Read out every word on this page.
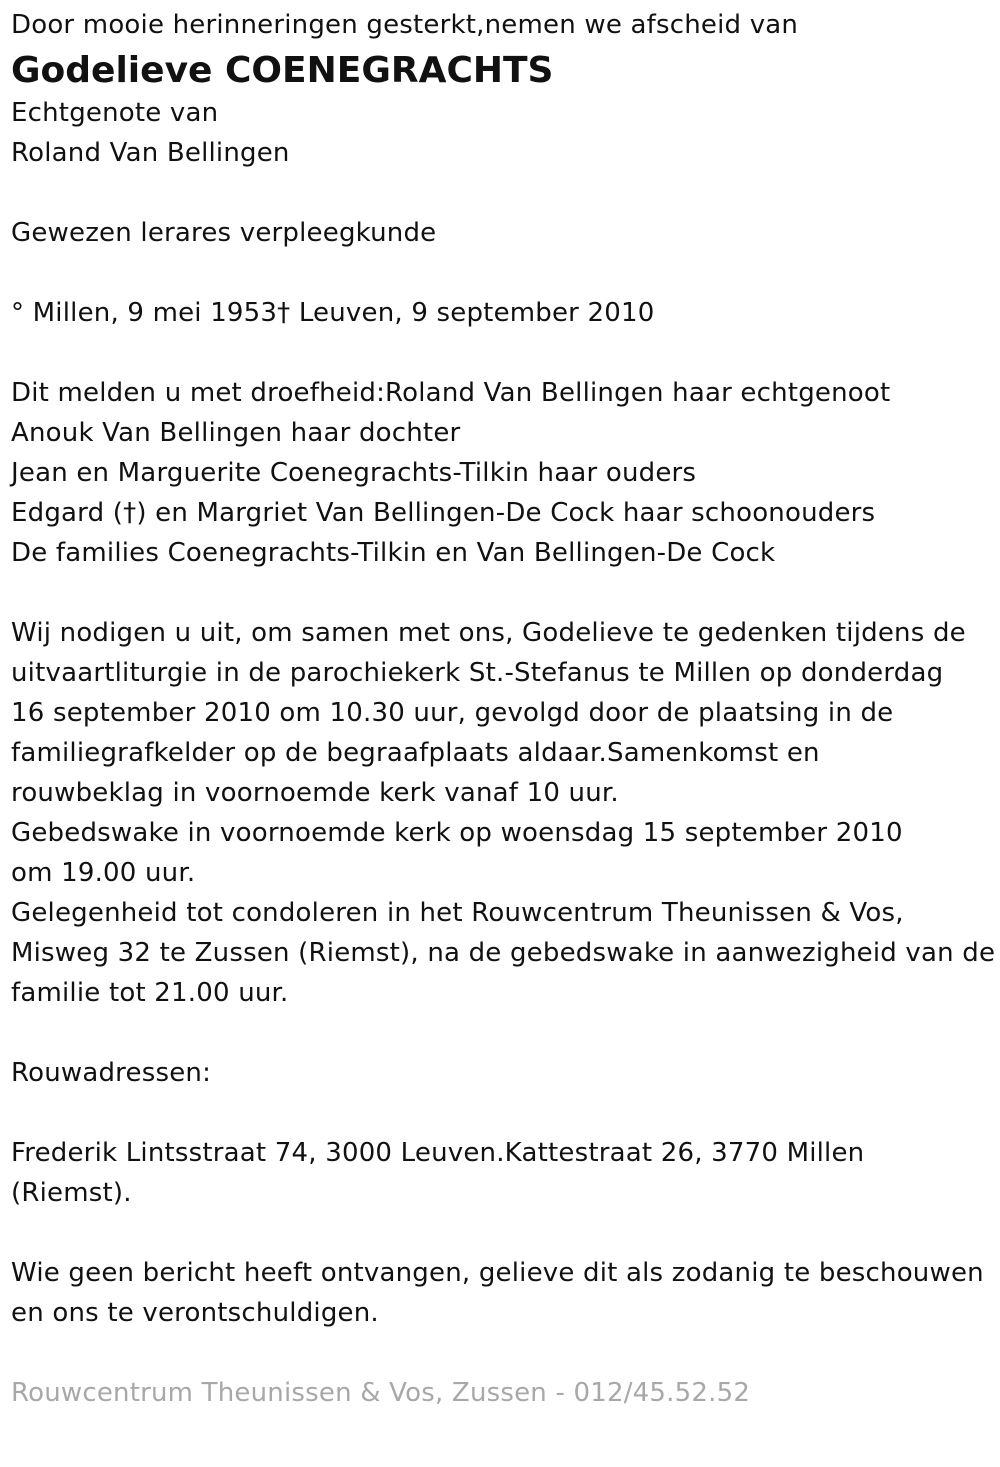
Door mooie herinneringen gesterkt,nemen we afscheid van
Godelieve COENEGRACHTS
Echtgenote van
Roland Van Bellingen
Gewezen lerares verpleegkunde
° Millen, 9 mei 1953† Leuven, 9 september 2010
Dit melden u met droefheid:Roland Van Bellingen haar echtgenoot
Anouk Van Bellingen haar dochter
Jean en Marguerite Coenegrachts-Tilkin haar ouders
Edgard (†) en Margriet Van Bellingen-De Cock haar schoonouders
De families Coenegrachts-Tilkin en Van Bellingen-De Cock
Wij nodigen u uit, om samen met ons, Godelieve te gedenken tijdens de
uitvaartliturgie in de parochiekerk St.-Stefanus te Millen op donderdag
16 september 2010 om 10.30 uur, gevolgd door de plaatsing in de
familiegrafkelder op de begraafplaats aldaar.Samenkomst en
rouwbeklag in voornoemde kerk vanaf 10 uur.
Gebedswake in voornoemde kerk op woensdag 15 september 2010
om 19.00 uur.
Gelegenheid tot condoleren in het Rouwcentrum Theunissen & Vos,
Misweg 32 te Zussen (Riemst), na de gebedswake in aanwezigheid van de
familie tot 21.00 uur.
Rouwadressen:
Frederik Lintsstraat 74, 3000 Leuven.Kattestraat 26, 3770 Millen
(Riemst).
Wie geen bericht heeft ontvangen, gelieve dit als zodanig te beschouwen
en ons te verontschuldigen.
Rouwcentrum Theunissen & Vos, Zussen - 012/45.52.52
